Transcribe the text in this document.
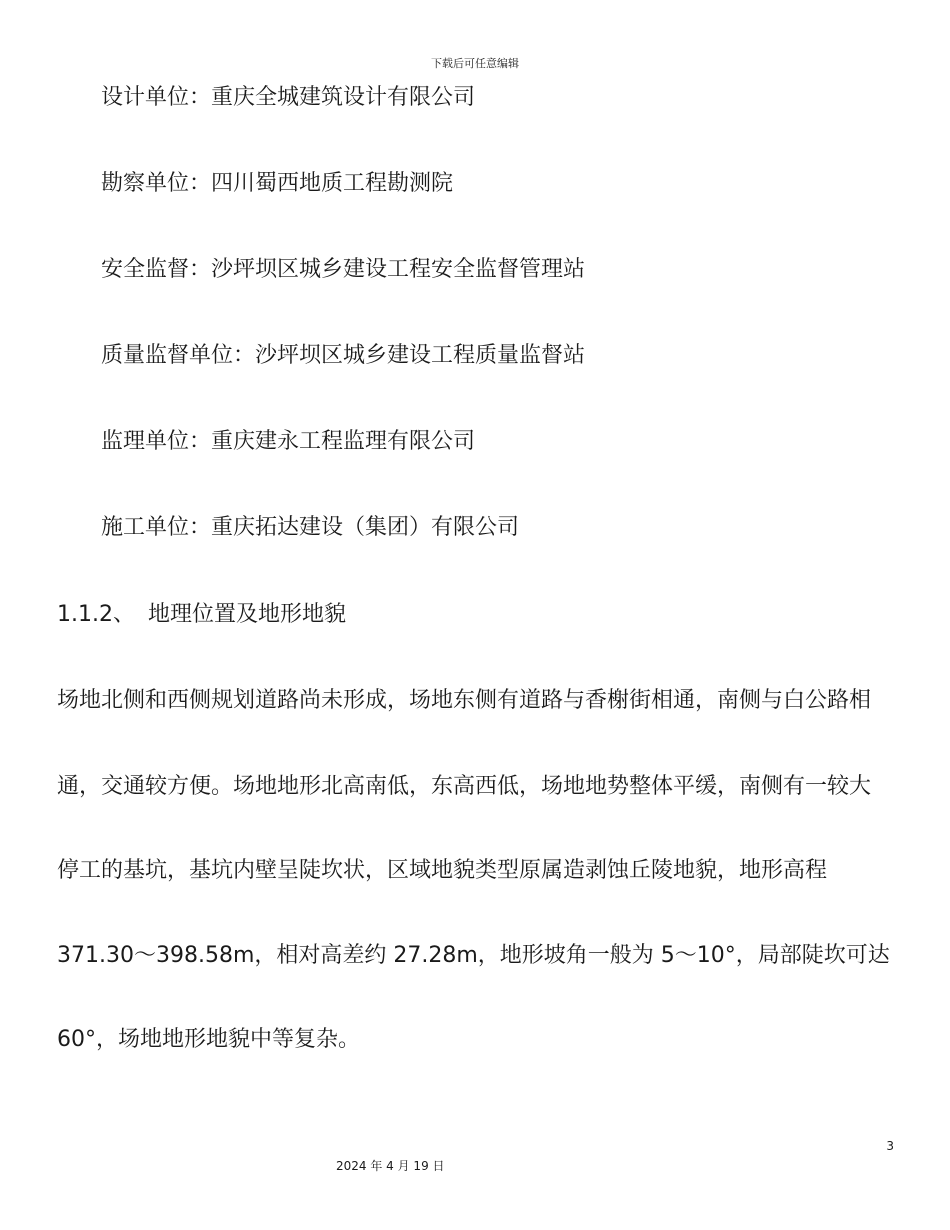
下载后可任意编辑
设计单位：重庆全城建筑设计有限公司
勘察单位：四川蜀西地质工程勘测院
安全监督：沙坪坝区城乡建设工程安全监督管理站
质量监督单位：沙坪坝区城乡建设工程质量监督站
监理单位：重庆建永工程监理有限公司
施工单位：重庆拓达建设（集团）有限公司
1.1.2、 地理位置及地形地貌
场地北侧和西侧规划道路尚未形成，场地东侧有道路与香榭街相通，南侧与白公路相
通，交通较方便。场地地形北高南低，东高西低，场地地势整体平缓，南侧有一较大
停工的基坑，基坑内壁呈陡坎状，区域地貌类型原属造剥蚀丘陵地貌，地形高程
371.30～398.58m，相对高差约 27.28m，地形坡角一般为 5～10°，局部陡坎可达
60°，场地地形地貌中等复杂。
3
2024 年 4 月 19 日
